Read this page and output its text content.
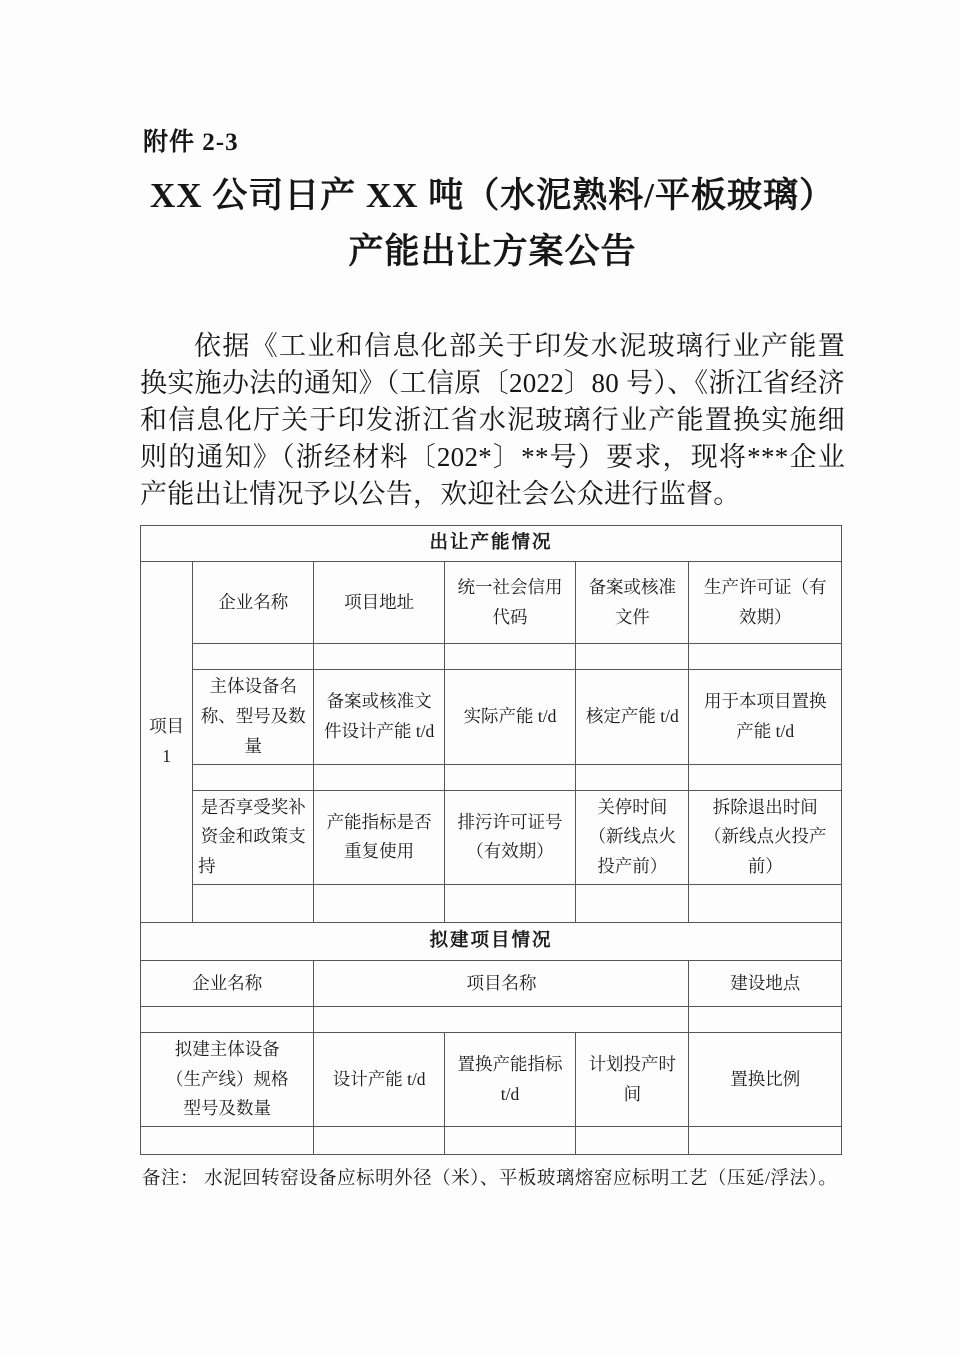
附件 2-3
XX 公司日产 XX 吨（水泥熟料/平板玻璃）
产能出让方案公告

依据《工业和信息化部关于印发水泥玻璃行业产能置换实施办法的通知》（工信原〔2022〕80 号）、《浙江省经济和信息化厅关于印发浙江省水泥玻璃行业产能置换实施细则的通知》（浙经材料〔202*〕**号）要求，现将***企业产能出让情况予以公告，欢迎社会公众进行监督。

出让产能情况					
项目1	企业名称	项目地址	统一社会信用代码	备案或核准文件	生产许可证（有效期）

	主体设备名称、型号及数量	备案或核准文件设计产能 t/d	实际产能 t/d	核定产能 t/d	用于本项目置换产能 t/d

	是否享受奖补资金和政策支持	产能指标是否重复使用	排污许可证号（有效期）	关停时间（新线点火投产前）	拆除退出时间（新线点火投产前）

拟建项目情况					
企业名称		项目名称			建设地点

拟建主体设备（生产线）规格型号及数量		设计产能 t/d	置换产能指标 t/d	计划投产时间	置换比例

备注： 水泥回转窑设备应标明外径（米）、平板玻璃熔窑应标明工艺（压延/浮法）。
